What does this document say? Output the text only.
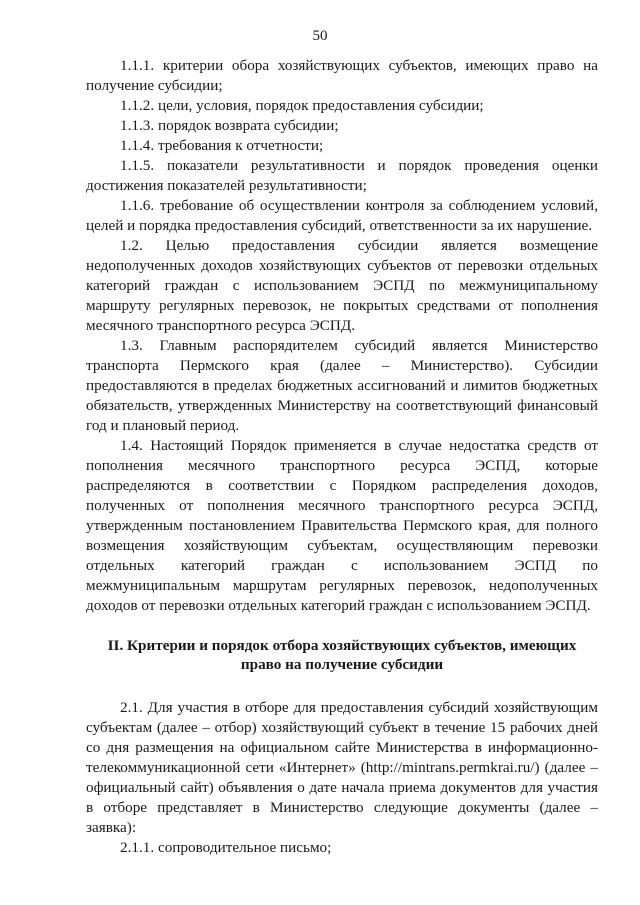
50

1.1.1. критерии обора хозяйствующих субъектов, имеющих право на получение субсидии;

1.1.2. цели, условия, порядок предоставления субсидии;

1.1.3. порядок возврата субсидии;

1.1.4. требования к отчетности;

1.1.5. показатели результативности и порядок проведения оценки достижения показателей результативности;

1.1.6. требование об осуществлении контроля за соблюдением условий, целей и порядка предоставления субсидий, ответственности за их нарушение.

1.2. Целью предоставления субсидии является возмещение недополученных доходов хозяйствующих субъектов от перевозки отдельных категорий граждан с использованием ЭСПД по межмуниципальному маршруту регулярных перевозок, не покрытых средствами от пополнения месячного транспортного ресурса ЭСПД.

1.3. Главным распорядителем субсидий является Министерство транспорта Пермского края (далее – Министерство). Субсидии предоставляются в пределах бюджетных ассигнований и лимитов бюджетных обязательств, утвержденных Министерству на соответствующий финансовый год и плановый период.

1.4. Настоящий Порядок применяется в случае недостатка средств от пополнения месячного транспортного ресурса ЭСПД, которые распределяются в соответствии с Порядком распределения доходов, полученных от пополнения месячного транспортного ресурса ЭСПД, утвержденным постановлением Правительства Пермского края, для полного возмещения хозяйствующим субъектам, осуществляющим перевозки отдельных категорий граждан с использованием ЭСПД по межмуниципальным маршрутам регулярных перевозок, недополученных доходов от перевозки отдельных категорий граждан с использованием ЭСПД.

II. Критерии и порядок отбора хозяйствующих субъектов, имеющих право на получение субсидии

2.1. Для участия в отборе для предоставления субсидий хозяйствующим субъектам (далее – отбор) хозяйствующий субъект в течение 15 рабочих дней со дня размещения на официальном сайте Министерства в информационно-телекоммуникационной сети «Интернет» (http://mintrans.permkrai.ru/) (далее – официальный сайт) объявления о дате начала приема документов для участия в отборе представляет в Министерство следующие документы (далее – заявка):

2.1.1. сопроводительное письмо;
